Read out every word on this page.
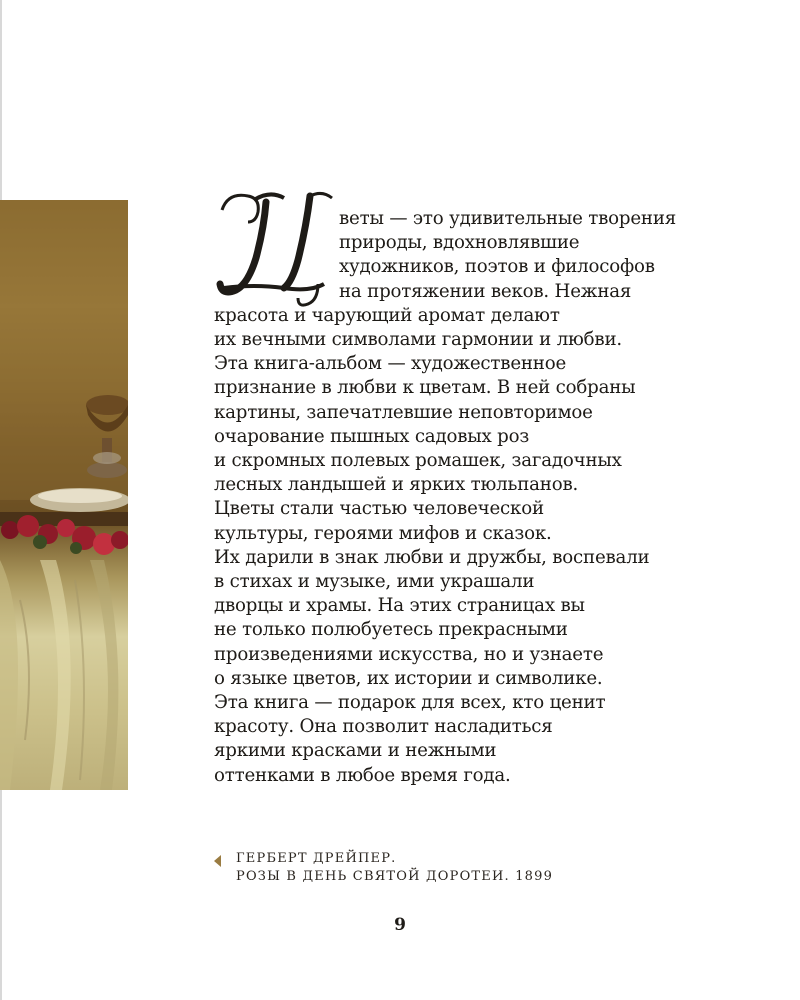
веты — это удивительные творения
природы, вдохновлявшие
художников, поэтов и философов
на протяжении веков. Нежная
красота и чарующий аромат делают
их вечными символами гармонии и любви.
Эта книга-альбом — художественное
признание в любви к цветам. В ней собраны
картины, запечатлевшие неповторимое
очарование пышных садовых роз
и скромных полевых ромашек, загадочных
лесных ландышей и ярких тюльпанов.
Цветы стали частью человеческой
культуры, героями мифов и сказок.
Их дарили в знак любви и дружбы, воспевали
в стихах и музыке, ими украшали
дворцы и храмы. На этих страницах вы
не только полюбуетесь прекрасными
произведениями искусства, но и узнаете
о языке цветов, их истории и символике.
Эта книга — подарок для всех, кто ценит
красоту. Она позволит насладиться
яркими красками и нежными
оттенками в любое время года.
ГЕРБЕРТ ДРЕЙПЕР.
РОЗЫ В ДЕНЬ СВЯТОЙ ДОРОТЕИ. 1899
9
